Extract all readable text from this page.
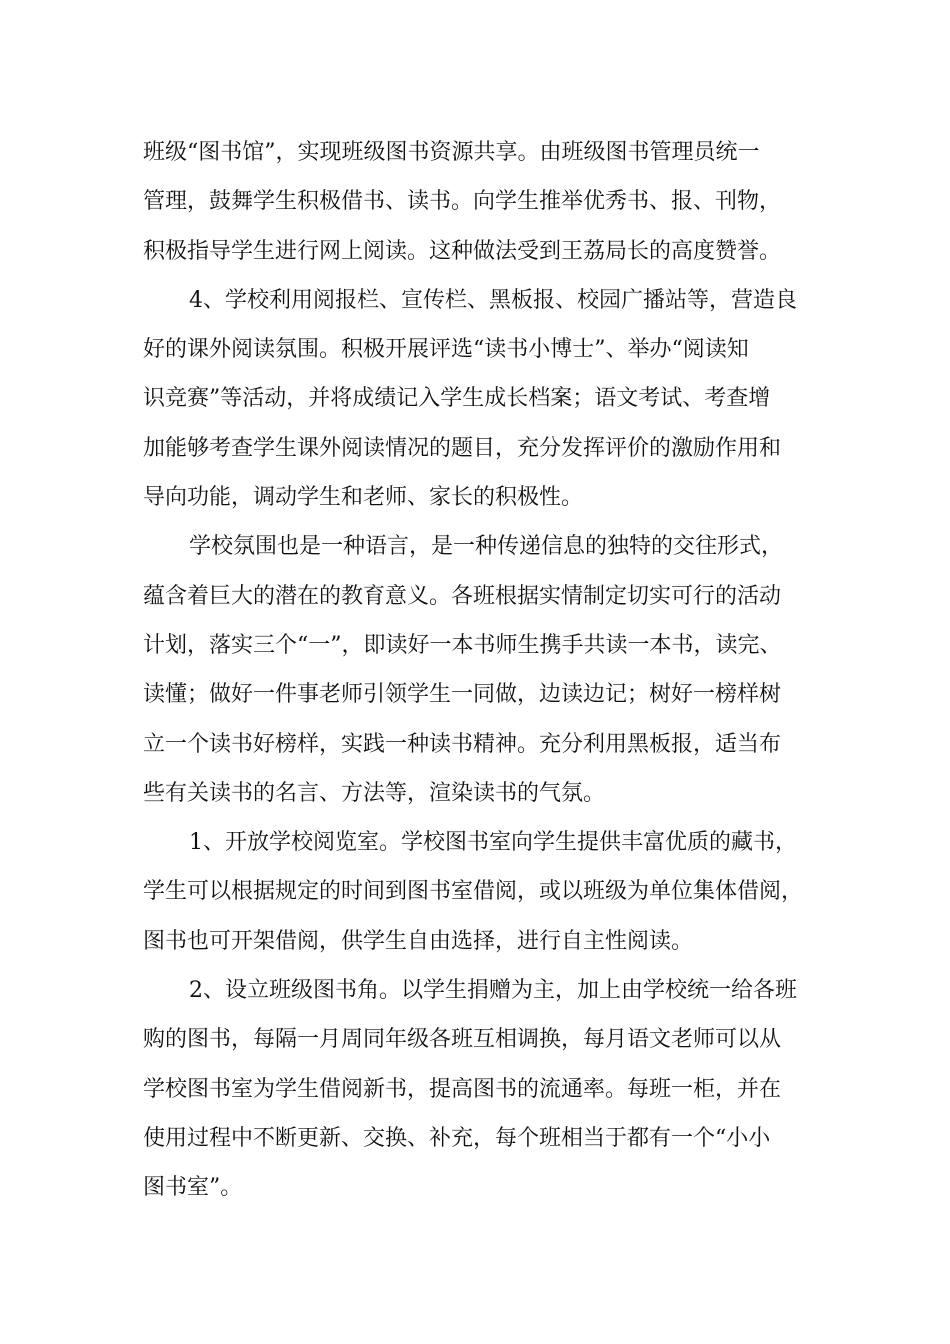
班级“图书馆”，实现班级图书资源共享。由班级图书管理员统一
管理，鼓舞学生积极借书、读书。向学生推举优秀书、报、刊物，
积极指导学生进行网上阅读。这种做法受到王荔局长的高度赞誉。
4、学校利用阅报栏、宣传栏、黑板报、校园广播站等，营造良
好的课外阅读氛围。积极开展评选“读书小博士”、举办“阅读知
识竞赛”等活动，并将成绩记入学生成长档案；语文考试、考查增
加能够考查学生课外阅读情况的题目，充分发挥评价的激励作用和
导向功能，调动学生和老师、家长的积极性。
学校氛围也是一种语言，是一种传递信息的独特的交往形式，
蕴含着巨大的潜在的教育意义。各班根据实情制定切实可行的活动
计划，落实三个“一”，即读好一本书师生携手共读一本书，读完、
读懂；做好一件事老师引领学生一同做，边读边记；树好一榜样树
立一个读书好榜样，实践一种读书精神。充分利用黑板报，适当布
些有关读书的名言、方法等，渲染读书的气氛。
1、开放学校阅览室。学校图书室向学生提供丰富优质的藏书，
学生可以根据规定的时间到图书室借阅，或以班级为单位集体借阅，
图书也可开架借阅，供学生自由选择，进行自主性阅读。
2、设立班级图书角。以学生捐赠为主，加上由学校统一给各班
购的图书，每隔一月周同年级各班互相调换，每月语文老师可以从
学校图书室为学生借阅新书，提高图书的流通率。每班一柜，并在
使用过程中不断更新、交换、补充，每个班相当于都有一个“小小
图书室”。
